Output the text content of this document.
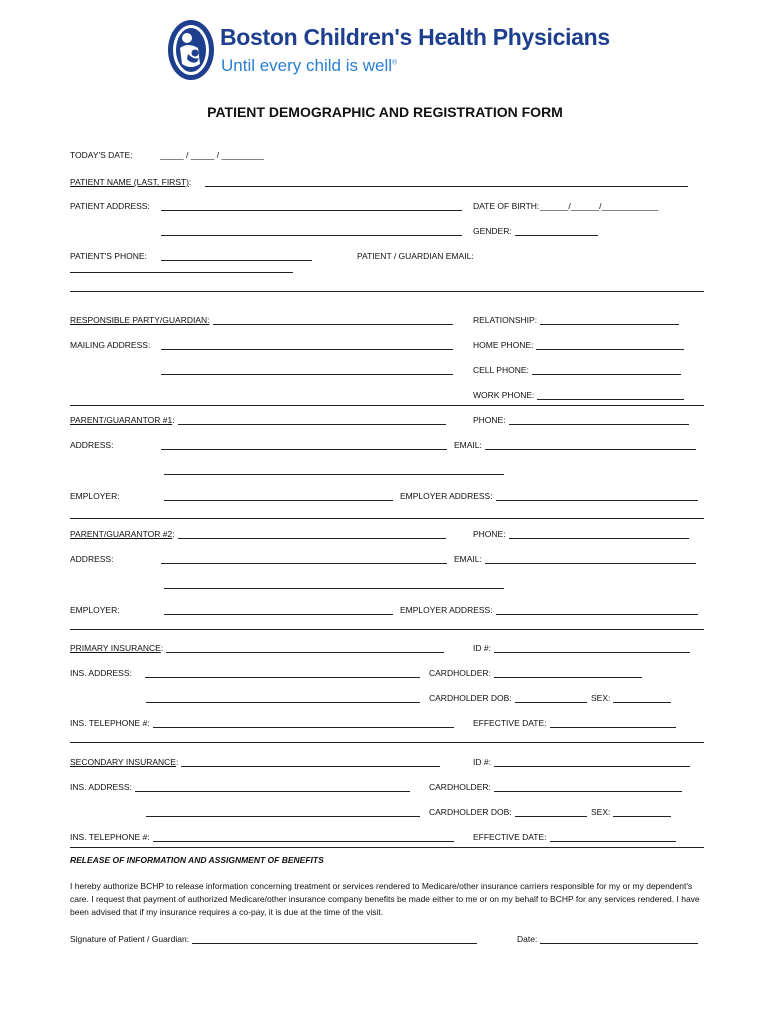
Boston Children's Health Physicians
Until every child is well®
PATIENT DEMOGRAPHIC AND REGISTRATION FORM
TODAY'S DATE:	_____ / _____ / _________
PATIENT NAME (LAST, FIRST):
PATIENT ADDRESS:	DATE OF BIRTH: ______/______/____________
GENDER:
PATIENT'S PHONE:	PATIENT / GUARDIAN EMAIL:
RESPONSIBLE PARTY/GUARDIAN:	RELATIONSHIP:
MAILING ADDRESS:	HOME PHONE:
CELL PHONE:
WORK PHONE:
PARENT/GUARANTOR #1:	PHONE:
ADDRESS:	EMAIL:
EMPLOYER:	EMPLOYER ADDRESS:
PARENT/GUARANTOR #2:	PHONE:
ADDRESS:	EMAIL:
EMPLOYER:	EMPLOYER ADDRESS:
PRIMARY INSURANCE:	ID #:
INS. ADDRESS:	CARDHOLDER:
CARDHOLDER DOB:	SEX:
INS. TELEPHONE #:	EFFECTIVE DATE:
SECONDARY INSURANCE:	ID #:
INS. ADDRESS:	CARDHOLDER:
CARDHOLDER DOB:	SEX:
INS. TELEPHONE #:	EFFECTIVE DATE:
RELEASE OF INFORMATION AND ASSIGNMENT OF BENEFITS
I hereby authorize BCHP to release information concerning treatment or services rendered to Medicare/other insurance carriers responsible for my or my dependent's care. I request that payment of authorized Medicare/other insurance company benefits be made either to me or on my behalf to BCHP for any services rendered. I have been advised that if my insurance requires a co-pay, it is due at the time of the visit.
Signature of Patient / Guardian:	Date:
